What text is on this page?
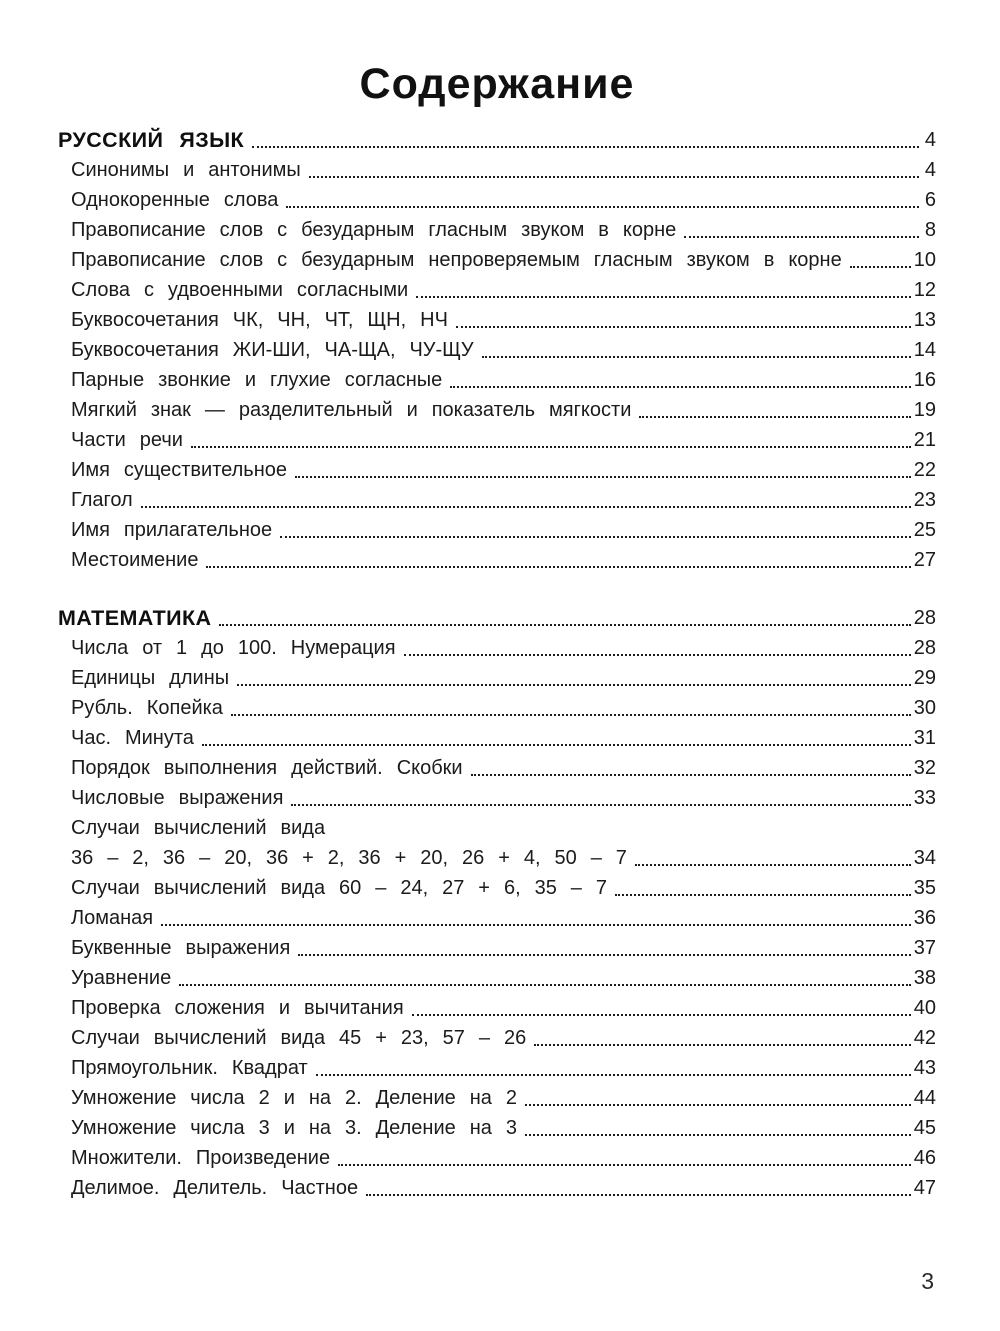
Содержание
РУССКИЙ ЯЗЫК	4
Синонимы и антонимы	4
Однокоренные слова	6
Правописание слов с безударным гласным звуком в корне	8
Правописание слов с безударным непроверяемым гласным звуком в корне	10
Слова с удвоенными согласными	12
Буквосочетания ЧК, ЧН, ЧТ, ЩН, НЧ	13
Буквосочетания ЖИ-ШИ, ЧА-ЩА, ЧУ-ЩУ	14
Парные звонкие и глухие согласные	16
Мягкий знак — разделительный и показатель мягкости	19
Части речи	21
Имя существительное	22
Глагол	23
Имя прилагательное	25
Местоимение	27
МАТЕМАТИКА	28
Числа от 1 до 100. Нумерация	28
Единицы длины	29
Рубль. Копейка	30
Час. Минута	31
Порядок выполнения действий. Скобки	32
Числовые выражения	33
Случаи вычислений вида
36 – 2, 36 – 20, 36 + 2, 36 + 20, 26 + 4, 50 – 7	34
Случаи вычислений вида 60 – 24, 27 + 6, 35 – 7	35
Ломаная	36
Буквенные выражения	37
Уравнение	38
Проверка сложения и вычитания	40
Случаи вычислений вида 45 + 23, 57 – 26	42
Прямоугольник. Квадрат	43
Умножение числа 2 и на 2. Деление на 2	44
Умножение числа 3 и на 3. Деление на 3	45
Множители. Произведение	46
Делимое. Делитель. Частное	47
3
